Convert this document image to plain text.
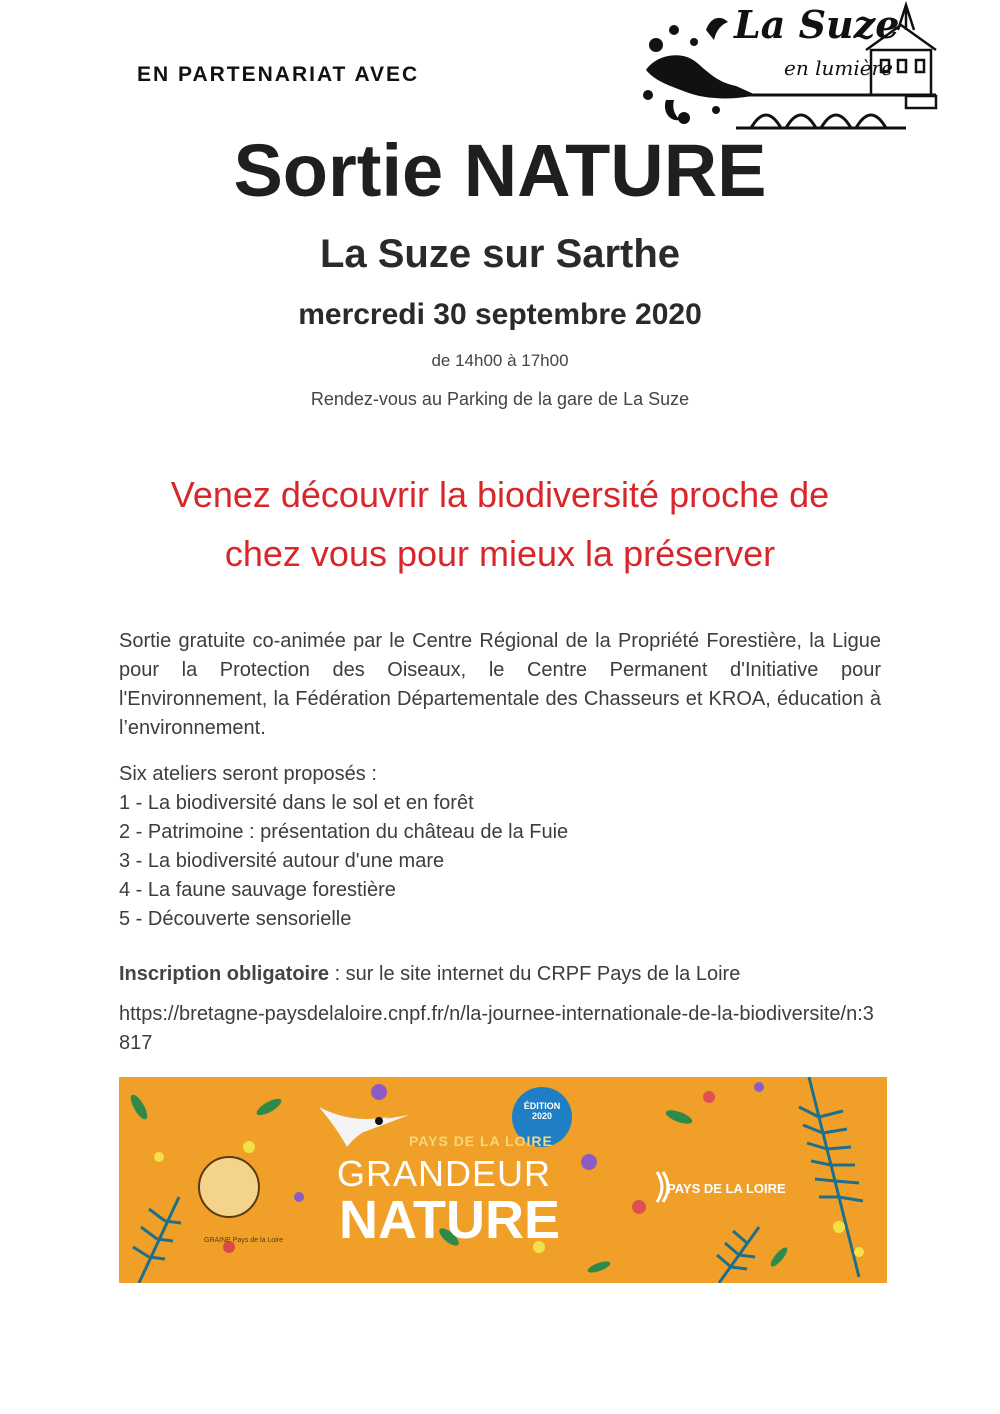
EN PARTENARIAT AVEC
La Suze
en lumière
Sortie NATURE
La Suze sur Sarthe
mercredi 30 septembre 2020
de 14h00 à 17h00
Rendez-vous au Parking de la gare de La Suze
Venez découvrir la biodiversité proche de
chez vous pour mieux la préserver
Sortie gratuite co-animée par le Centre Régional de la Propriété Forestière, la Ligue pour la Protection des Oiseaux, le Centre Permanent d'Initiative pour l'Environnement, la Fédération Départementale des Chasseurs et KROA, éducation à l’environnement.
Six ateliers seront proposés :
1 - La biodiversité dans le sol et en forêt
2 - Patrimoine : présentation du château de la Fuie
3 - La biodiversité autour d'une mare
4 - La faune sauvage forestière
5 - Découverte sensorielle
Inscription obligatoire : sur le site internet du CRPF Pays de la Loire
https://bretagne-paysdelaloire.cnpf.fr/n/la-journee-internationale-de-la-biodiversite/n:3817
PAYS DE LA LOIRE
GRANDEUR
NATURE
ÉDITION 2020
PAYS DE LA LOIRE
GRAINE Pays de la Loire
